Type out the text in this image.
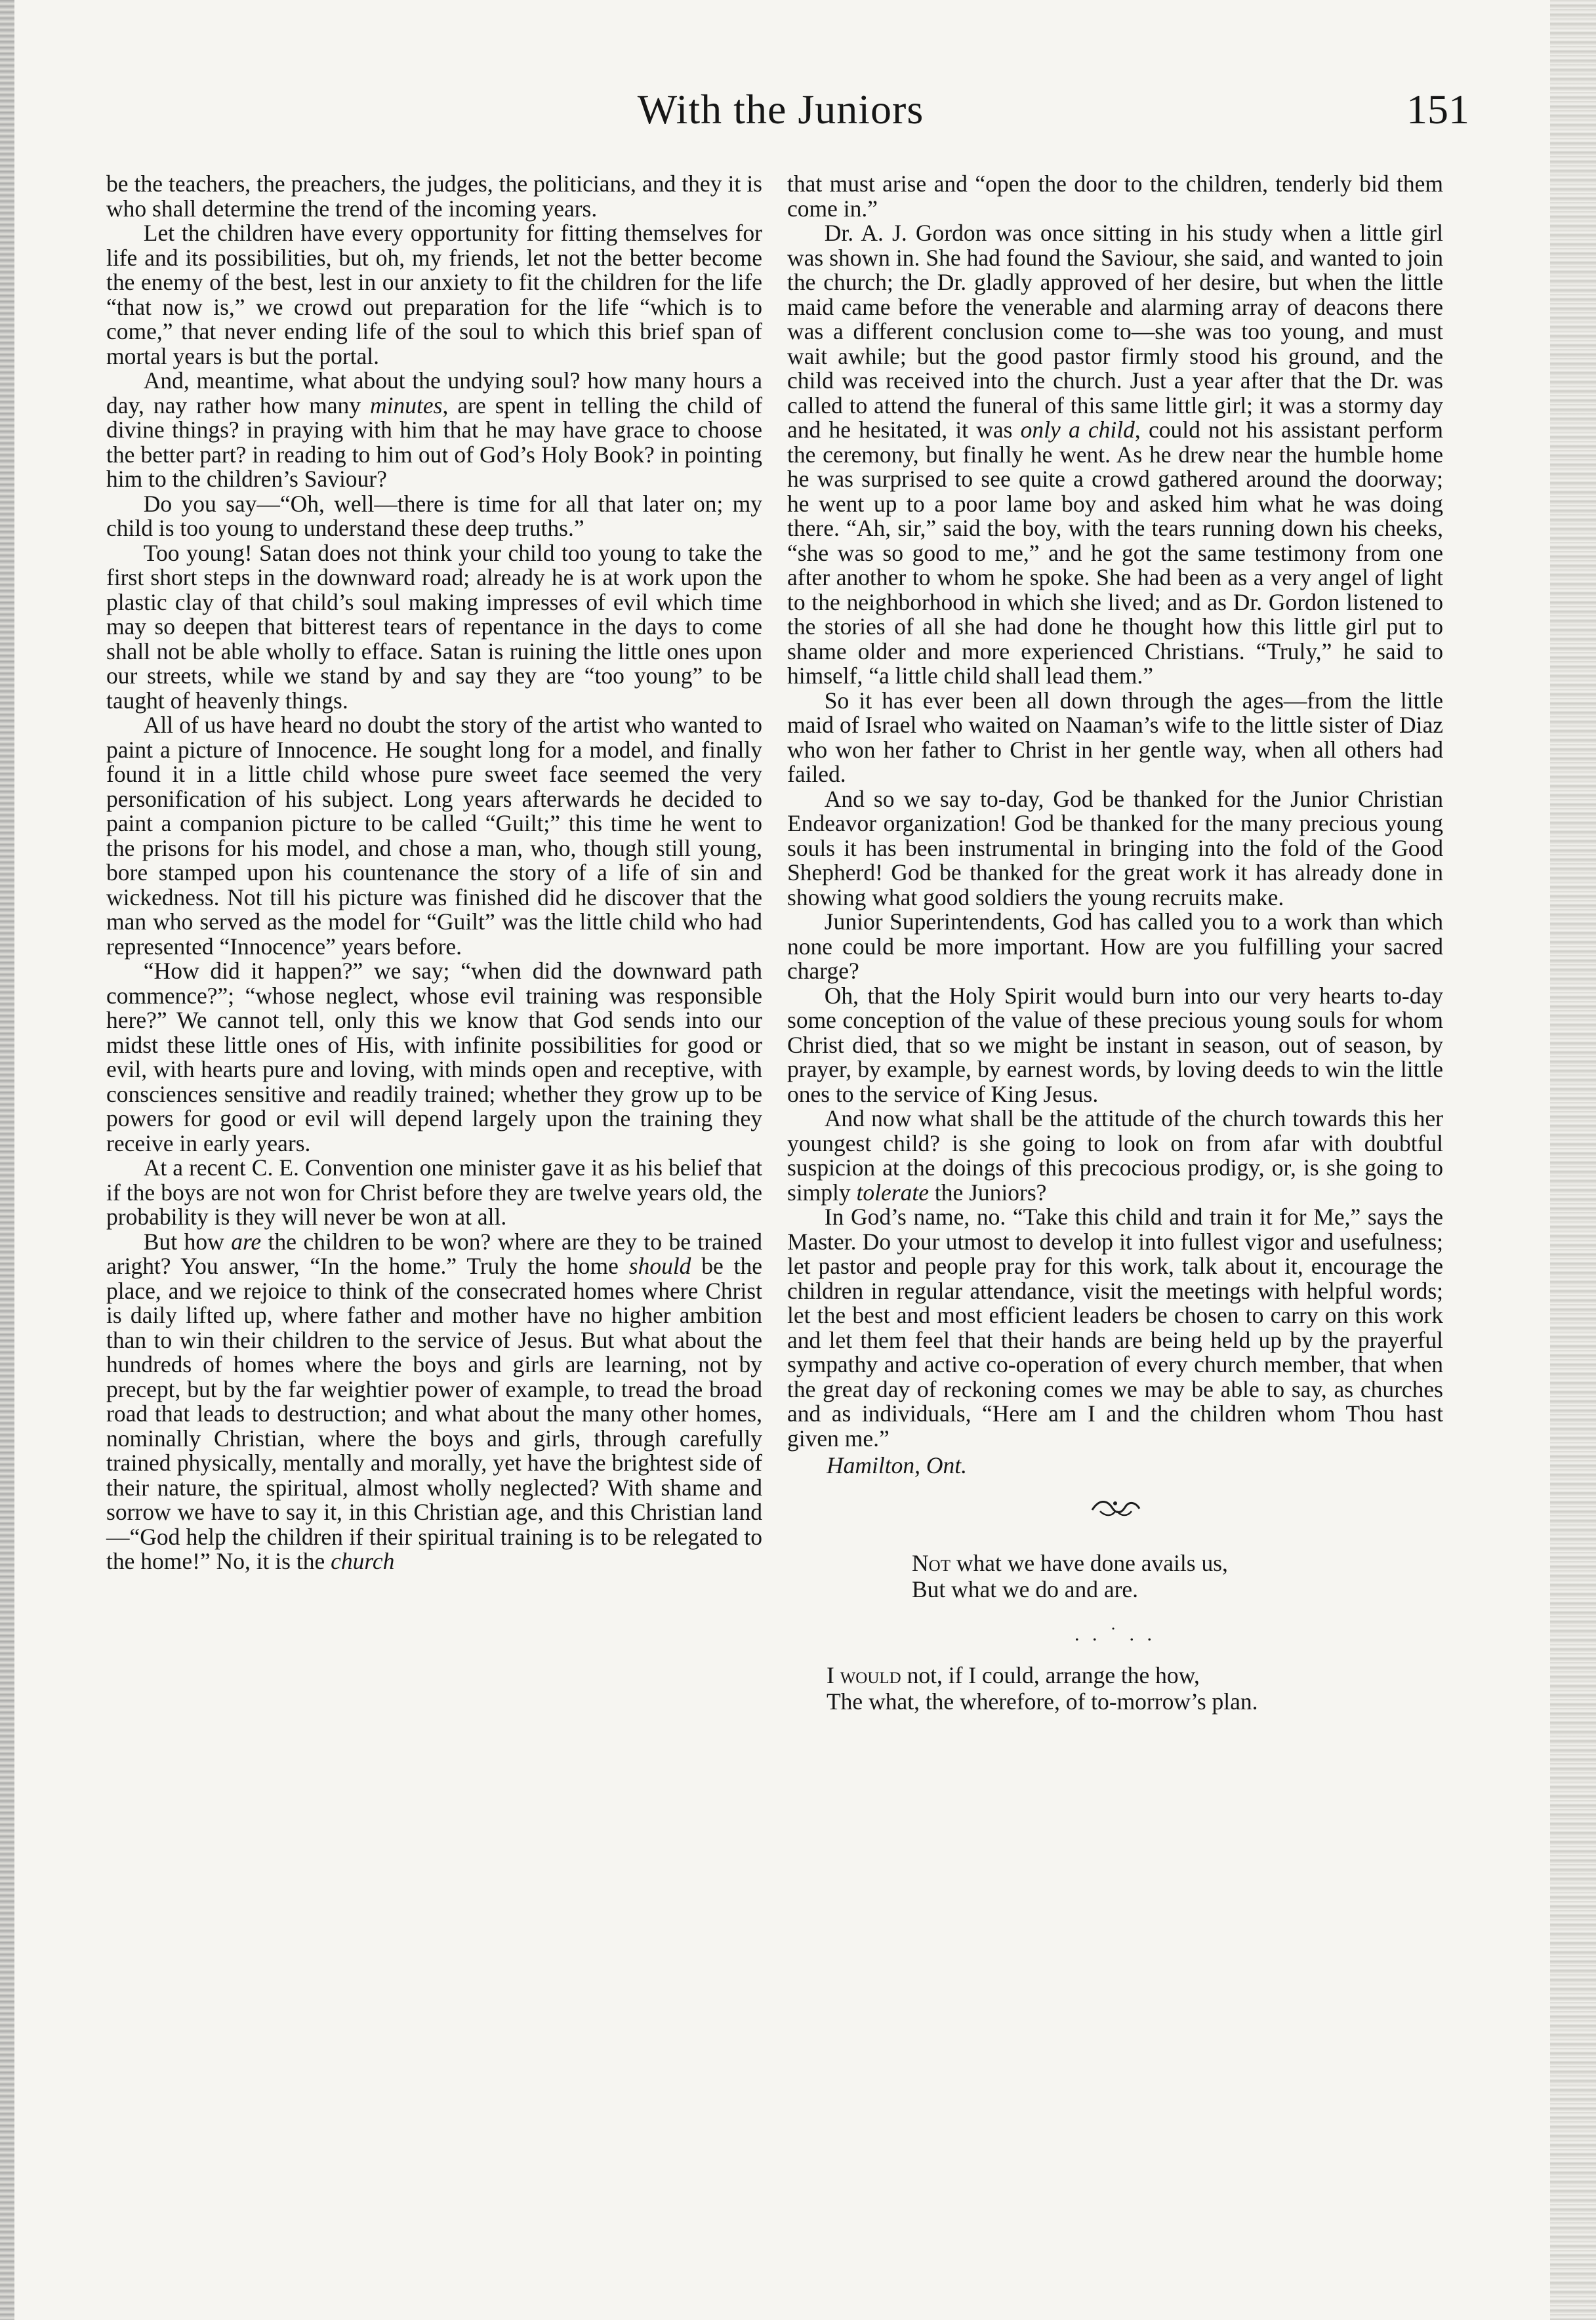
With the Juniors	151

be the teachers, the preachers, the judges, the politicians, and they it is who shall determine the trend of the incoming years.

Let the children have every opportunity for fitting themselves for life and its possibilities, but oh, my friends, let not the better become the enemy of the best, lest in our anxiety to fit the children for the life “that now is,” we crowd out preparation for the life “which is to come,” that never ending life of the soul to which this brief span of mortal years is but the portal.

And, meantime, what about the undying soul? how many hours a day, nay rather how many minutes, are spent in telling the child of divine things? in praying with him that he may have grace to choose the better part? in reading to him out of God’s Holy Book? in pointing him to the children’s Saviour?

Do you say—“Oh, well—there is time for all that later on; my child is too young to understand these deep truths.”

Too young! Satan does not think your child too young to take the first short steps in the downward road; already he is at work upon the plastic clay of that child’s soul making impresses of evil which time may so deepen that bitterest tears of repentance in the days to come shall not be able wholly to efface. Satan is ruining the little ones upon our streets, while we stand by and say they are “too young” to be taught of heavenly things.

All of us have heard no doubt the story of the artist who wanted to paint a picture of Innocence. He sought long for a model, and finally found it in a little child whose pure sweet face seemed the very personification of his subject. Long years afterwards he decided to paint a companion picture to be called “Guilt;” this time he went to the prisons for his model, and chose a man, who, though still young, bore stamped upon his countenance the story of a life of sin and wickedness. Not till his picture was finished did he discover that the man who served as the model for “Guilt” was the little child who had represented “Innocence” years before.

“How did it happen?” we say; “when did the downward path commence?”; “whose neglect, whose evil training was responsible here?” We cannot tell, only this we know that God sends into our midst these little ones of His, with infinite possibilities for good or evil, with hearts pure and loving, with minds open and receptive, with consciences sensitive and readily trained; whether they grow up to be powers for good or evil will depend largely upon the training they receive in early years.

At a recent C. E. Convention one minister gave it as his belief that if the boys are not won for Christ before they are twelve years old, the probability is they will never be won at all.

But how are the children to be won? where are they to be trained aright? You answer, “In the home.” Truly the home should be the place, and we rejoice to think of the consecrated homes where Christ is daily lifted up, where father and mother have no higher ambition than to win their children to the service of Jesus. But what about the hundreds of homes where the boys and girls are learning, not by precept, but by the far weightier power of example, to tread the broad road that leads to destruction; and what about the many other homes, nominally Christian, where the boys and girls, through carefully trained physically, mentally and morally, yet have the brightest side of their nature, the spiritual, almost wholly neglected? With shame and sorrow we have to say it, in this Christian age, and this Christian land—“God help the children if their spiritual training is to be relegated to the home!” No, it is the church

that must arise and “open the door to the children, tenderly bid them come in.”

Dr. A. J. Gordon was once sitting in his study when a little girl was shown in. She had found the Saviour, she said, and wanted to join the church; the Dr. gladly approved of her desire, but when the little maid came before the venerable and alarming array of deacons there was a different conclusion come to—she was too young, and must wait awhile; but the good pastor firmly stood his ground, and the child was received into the church. Just a year after that the Dr. was called to attend the funeral of this same little girl; it was a stormy day and he hesitated, it was only a child, could not his assistant perform the ceremony, but finally he went. As he drew near the humble home he was surprised to see quite a crowd gathered around the doorway; he went up to a poor lame boy and asked him what he was doing there. “Ah, sir,” said the boy, with the tears running down his cheeks, “she was so good to me,” and he got the same testimony from one after another to whom he spoke. She had been as a very angel of light to the neighborhood in which she lived; and as Dr. Gordon listened to the stories of all she had done he thought how this little girl put to shame older and more experienced Christians. “Truly,” he said to himself, “a little child shall lead them.”

So it has ever been all down through the ages—from the little maid of Israel who waited on Naaman’s wife to the little sister of Diaz who won her father to Christ in her gentle way, when all others had failed.

And so we say to-day, God be thanked for the Junior Christian Endeavor organization! God be thanked for the many precious young souls it has been instrumental in bringing into the fold of the Good Shepherd! God be thanked for the great work it has already done in showing what good soldiers the young recruits make.

Junior Superintendents, God has called you to a work than which none could be more important. How are you fulfilling your sacred charge?

Oh, that the Holy Spirit would burn into our very hearts to-day some conception of the value of these precious young souls for whom Christ died, that so we might be instant in season, out of season, by prayer, by example, by earnest words, by loving deeds to win the little ones to the service of King Jesus.

And now what shall be the attitude of the church towards this her youngest child? is she going to look on from afar with doubtful suspicion at the doings of this precocious prodigy, or, is she going to simply tolerate the Juniors?

In God’s name, no. “Take this child and train it for Me,” says the Master. Do your utmost to develop it into fullest vigor and usefulness; let pastor and people pray for this work, talk about it, encourage the children in regular attendance, visit the meetings with helpful words; let the best and most efficient leaders be chosen to carry on this work and let them feel that their hands are being held up by the prayerful sympathy and active co-operation of every church member, that when the great day of reckoning comes we may be able to say, as churches and as individuals, “Here am I and the children whom Thou hast given me.”

Hamilton, Ont.
Not what we have done avails us,
But what we do and are.
. . ˙ . .
I would not, if I could, arrange the how,
The what, the wherefore, of to-morrow’s plan.
